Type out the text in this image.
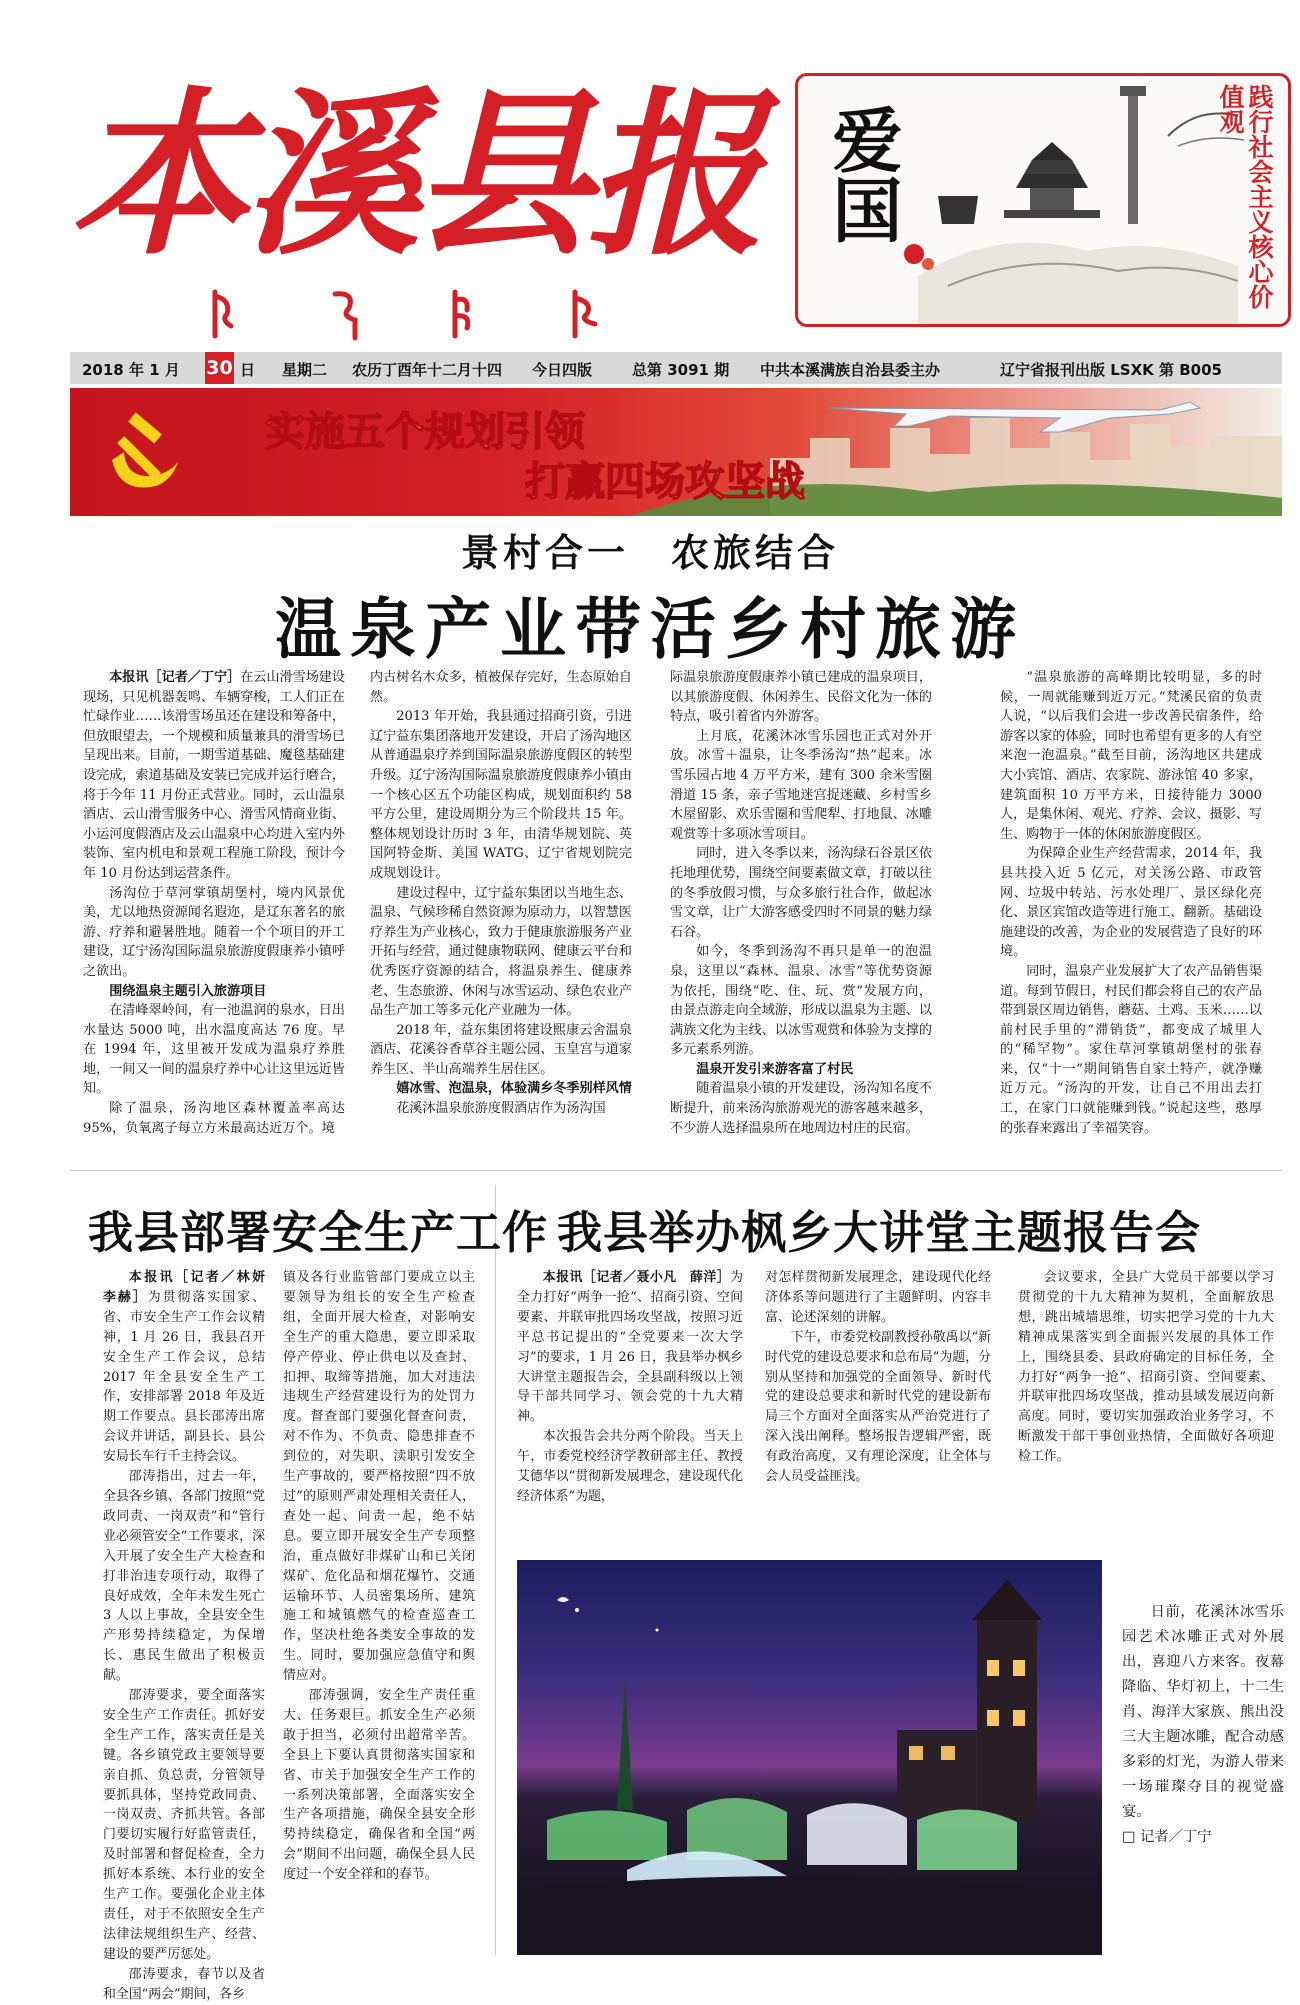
本溪县报 爱国	践行社会主义核心价值观
2018 年 1 月 30 日 星期二 农历丁酉年十二月十四 今日四版	总第 3091 期 中共本溪满族自治县委主办	辽宁省报刊出版 LSXK 第 B005
实施五个规划引领
打赢四场攻坚战
景村合一　农旅结合
温泉产业带活乡村旅游

本报讯［记者／丁宁］在云山滑雪场建设现场，只见机器轰鸣、车辆穿梭，工人们正在忙碌作业……该滑雪场虽还在建设和筹备中，但放眼望去，一个规模和质量兼具的滑雪场已呈现出来。目前，一期雪道基础、魔毯基础建设完成，索道基础及安装已完成并运行磨合，将于今年 11 月份正式营业。同时，云山温泉酒店、云山滑雪服务中心、滑雪风情商业街、小运河度假酒店及云山温泉中心均进入室内外装饰、室内机电和景观工程施工阶段，预计今年 10 月份达到运营条件。

汤沟位于草河掌镇胡堡村，境内风景优美，尤以地热资源闻名遐迩，是辽东著名的旅游、疗养和避暑胜地。随着一个个项目的开工建设，辽宁汤沟国际温泉旅游度假康养小镇呼之欲出。

围绕温泉主题引入旅游项目

在清峰翠岭间，有一池温润的泉水，日出水量达 5000 吨，出水温度高达 76 度。早在 1994 年，这里被开发成为温泉疗养胜地，一间又一间的温泉疗养中心让这里远近皆知。

除了温泉，汤沟地区森林覆盖率高达 95%，负氧离子每立方米最高达近万个。境

内古树名木众多，植被保存完好，生态原始自然。

2013 年开始，我县通过招商引资，引进辽宁益东集团落地开发建设，开启了汤沟地区从普通温泉疗养到国际温泉旅游度假区的转型升级。辽宁汤沟国际温泉旅游度假康养小镇由一个核心区五个功能区构成，规划面积约 58 平方公里，建设周期分为三个阶段共 15 年。整体规划设计历时 3 年，由清华规划院、英国阿特金斯、美国 WATG、辽宁省规划院完成规划设计。

建设过程中，辽宁益东集团以当地生态、温泉、气候珍稀自然资源为原动力，以智慧医疗养生为产业核心，致力于健康旅游服务产业开拓与经营，通过健康物联网、健康云平台和优秀医疗资源的结合，将温泉养生、健康养老、生态旅游、休闲与冰雪运动、绿色农业产品生产加工等多元化产业融为一体。

2018 年，益东集团将建设熙康云舍温泉酒店、花溪谷香草谷主题公园、玉皇宫与道家养生区、半山高端养生居住区。

嬉冰雪、泡温泉，体验满乡冬季别样风情

花溪沐温泉旅游度假酒店作为汤沟国

际温泉旅游度假康养小镇已建成的温泉项目，以其旅游度假、休闲养生、民俗文化为一体的特点，吸引着省内外游客。

上月底，花溪沐冰雪乐园也正式对外开放。冰雪＋温泉，让冬季汤沟“热”起来。冰雪乐园占地 4 万平方米，建有 300 余米雪圈滑道 15 条，亲子雪地迷宫捉迷藏、乡村雪乡木屋留影、欢乐雪圈和雪爬犁、打地鼠、冰雕观赏等十多项冰雪项目。

同时，进入冬季以来，汤沟绿石谷景区依托地理优势，围绕空间要素做文章，打破以往的冬季放假习惯，与众多旅行社合作，做起冰雪文章，让广大游客感受四时不同景的魅力绿石谷。

如今，冬季到汤沟不再只是单一的泡温泉，这里以“森林、温泉、冰雪”等优势资源为依托，围绕“吃、住、玩、赏”发展方向，由景点游走向全域游，形成以温泉为主题、以满族文化为主线、以冰雪观赏和体验为支撑的多元素系列游。

温泉开发引来游客富了村民

随着温泉小镇的开发建设，汤沟知名度不断提升，前来汤沟旅游观光的游客越来越多，不少游人选择温泉所在地周边村庄的民宿。

“温泉旅游的高峰期比较明显，多的时候，一周就能赚到近万元。”梵溪民宿的负责人说，“以后我们会进一步改善民宿条件，给游客以家的体验，同时也希望有更多的人有空来泡一泡温泉。”截至目前，汤沟地区共建成大小宾馆、酒店、农家院、游泳馆 40 多家，建筑面积 10 万平方米，日接待能力 3000 人，是集休闲、观光、疗养、会议、摄影、写生、购物于一体的休闲旅游度假区。

为保障企业生产经营需求，2014 年，我县共投入近 5 亿元，对关汤公路、市政管网、垃圾中转站、污水处理厂、景区绿化亮化、景区宾馆改造等进行施工、翻新。基础设施建设的改善，为企业的发展营造了良好的环境。

同时，温泉产业发展扩大了农产品销售渠道。每到节假日，村民们都会将自己的农产品带到景区周边销售，蘑菇、土鸡、玉米……以前村民手里的“滞销货”，都变成了城里人的“稀罕物”。家住草河掌镇胡堡村的张春来，仅“十一”期间销售自家土特产，就净赚近万元。“汤沟的开发，让自己不用出去打工，在家门口就能赚到钱。”说起这些，憨厚的张春来露出了幸福笑容。

我县部署安全生产工作

本报讯［记者／林妍　李赫］为贯彻落实国家、省、市安全生产工作会议精神，1 月 26 日，我县召开安全生产工作会议，总结 2017 年全县安全生产工作，安排部署 2018 年及近期工作要点。县长邵涛出席会议并讲话，副县长、县公安局长车行千主持会议。

邵涛指出，过去一年，全县各乡镇、各部门按照“党政同责、一岗双责”和“管行业必须管安全”工作要求，深入开展了安全生产大检查和打非治违专项行动，取得了良好成效，全年未发生死亡 3 人以上事故，全县安全生产形势持续稳定，为保增长、惠民生做出了积极贡献。

邵涛要求，要全面落实安全生产工作责任。抓好安全生产工作，落实责任是关键。各乡镇党政主要领导要亲自抓、负总责，分管领导要抓具体，坚持党政同责、一岗双责、齐抓共管。各部门要切实履行好监管责任，及时部署和督促检查，全力抓好本系统、本行业的安全生产工作。要强化企业主体责任，对于不依照安全生产法律法规组织生产、经营、建设的要严厉惩处。

邵涛要求，春节以及省和全国“两会”期间，各乡

镇及各行业监管部门要成立以主要领导为组长的安全生产检查组，全面开展大检查，对影响安全生产的重大隐患，要立即采取停产停业、停止供电以及查封、扣押、取缔等措施，加大对违法违规生产经营建设行为的处罚力度。督查部门要强化督查问责，对不作为、不负责、隐患排查不到位的，对失职、渎职引发安全生产事故的，要严格按照“四不放过”的原则严肃处理相关责任人，查处一起、问责一起，绝不姑息。要立即开展安全生产专项整治，重点做好非煤矿山和已关闭煤矿、危化品和烟花爆竹、交通运输环节、人员密集场所、建筑施工和城镇燃气的检查巡查工作，坚决杜绝各类安全事故的发生。同时，要加强应急值守和舆情应对。

邵涛强调，安全生产责任重大、任务艰巨。抓安全生产必须敢于担当，必须付出超常辛苦。全县上下要认真贯彻落实国家和省、市关于加强安全生产工作的一系列决策部署，全面落实安全生产各项措施，确保全县安全形势持续稳定，确保省和全国“两会”期间不出问题，确保全县人民度过一个安全祥和的春节。

我县举办枫乡大讲堂主题报告会

本报讯［记者／聂小凡　薛洋］为全力打好“两争一抢”、招商引资、空间要素、并联审批四场攻坚战，按照习近平总书记提出的“全党要来一次大学习”的要求，1 月 26 日，我县举办枫乡大讲堂主题报告会，全县副科级以上领导干部共同学习、领会党的十九大精神。

本次报告会共分两个阶段。当天上午，市委党校经济学教研部主任、教授艾德华以“贯彻新发展理念，建设现代化经济体系”为题，

对怎样贯彻新发展理念，建设现代化经济体系等问题进行了主题鲜明、内容丰富、论述深刻的讲解。

下午，市委党校副教授孙敬禹以“新时代党的建设总要求和总布局”为题，分别从坚持和加强党的全面领导、新时代党的建设总要求和新时代党的建设新布局三个方面对全面落实从严治党进行了深入浅出阐释。整场报告逻辑严密，既有政治高度，又有理论深度，让全体与会人员受益匪浅。

会议要求，全县广大党员干部要以学习贯彻党的十九大精神为契机，全面解放思想，跳出城墙思维，切实把学习党的十九大精神成果落实到全面振兴发展的具体工作上，围绕县委、县政府确定的目标任务，全力打好“两争一抢”、招商引资、空间要素、并联审批四场攻坚战，推动县域发展迈向新高度。同时，要切实加强政治业务学习，不断激发干部干事创业热情，全面做好各项迎检工作。

日前，花溪沐冰雪乐园艺术冰雕正式对外展出，喜迎八方来客。夜幕降临、华灯初上，十二生肖、海洋大家族、熊出没三大主题冰雕，配合动感多彩的灯光，为游人带来一场璀璨夺目的视觉盛宴。
□ 记者／丁宁
